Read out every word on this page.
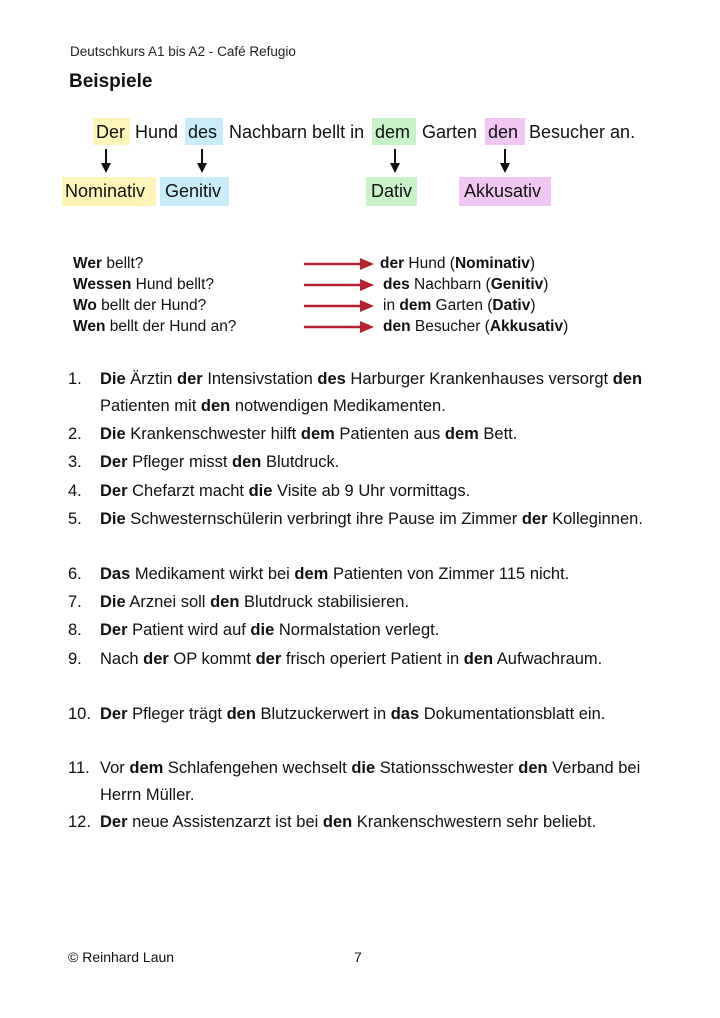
Deutschkurs A1 bis A2 - Café Refugio
Beispiele
Der Hund des Nachbarn bellt in dem Garten den Besucher an.
Nominativ	Genitiv	Dativ	Akkusativ
Wer bellt?	der Hund (Nominativ)
Wessen Hund bellt?	des Nachbarn (Genitiv)
Wo bellt der Hund?	in dem Garten (Dativ)
Wen bellt der Hund an?	den Besucher (Akkusativ)
1. Die Ärztin der Intensivstation des Harburger Krankenhauses versorgt den Patienten mit den notwendigen Medikamenten.
2. Die Krankenschwester hilft dem Patienten aus dem Bett.
3. Der Pfleger misst den Blutdruck.
4. Der Chefarzt macht die Visite ab 9 Uhr vormittags.
5. Die Schwesternschülerin verbringt ihre Pause im Zimmer der Kolleginnen.
6. Das Medikament wirkt bei dem Patienten von Zimmer 115 nicht.
7. Die Arznei soll den Blutdruck stabilisieren.
8. Der Patient wird auf die Normalstation verlegt.
9. Nach der OP kommt der frisch operiert Patient in den Aufwachraum.
10. Der Pfleger trägt den Blutzuckerwert in das Dokumentationsblatt ein.
11. Vor dem Schlafengehen wechselt die Stationsschwester den Verband bei Herrn Müller.
12. Der neue Assistenzarzt ist bei den Krankenschwestern sehr beliebt.
© Reinhard Laun	7
